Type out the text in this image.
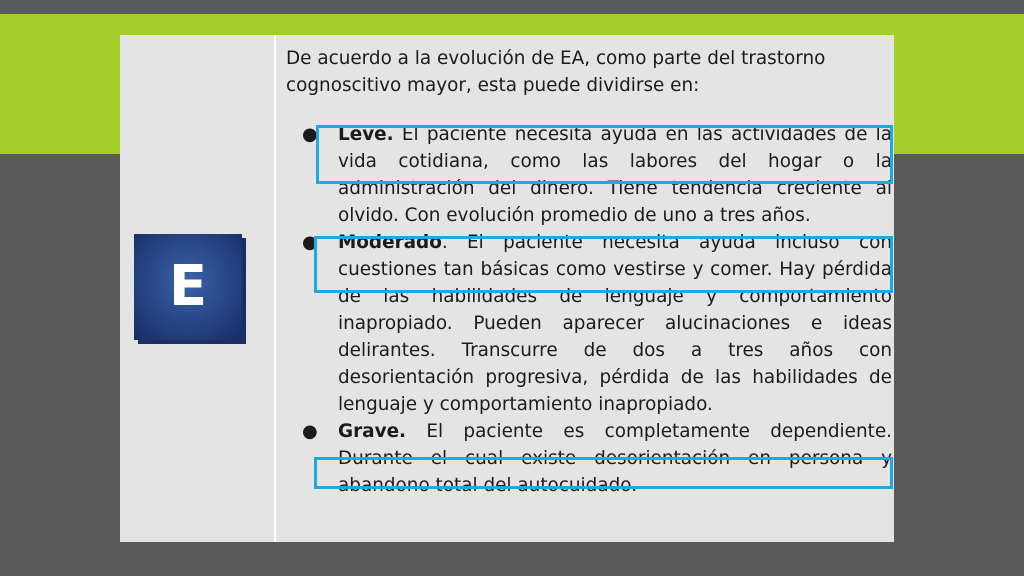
E

De acuerdo a la evolución de EA, como parte del trastorno cognoscitivo mayor, esta puede dividirse en:

● Leve. El paciente necesita ayuda en las actividades de la vida cotidiana, como las labores del hogar o la administración del dinero. Tiene tendencia creciente al olvido. Con evolución promedio de uno a tres años.
● Moderado. El paciente necesita ayuda incluso con cuestiones tan básicas como vestirse y comer. Hay pérdida de las habilidades de lenguaje y comportamiento inapropiado. Pueden aparecer alucinaciones e ideas delirantes. Transcurre de dos a tres años con desorientación progresiva, pérdida de las habilidades de lenguaje y comportamiento inapropiado.
● Grave. El paciente es completamente dependiente. Durante el cual existe desorientación en persona y abandono total del autocuidado.
